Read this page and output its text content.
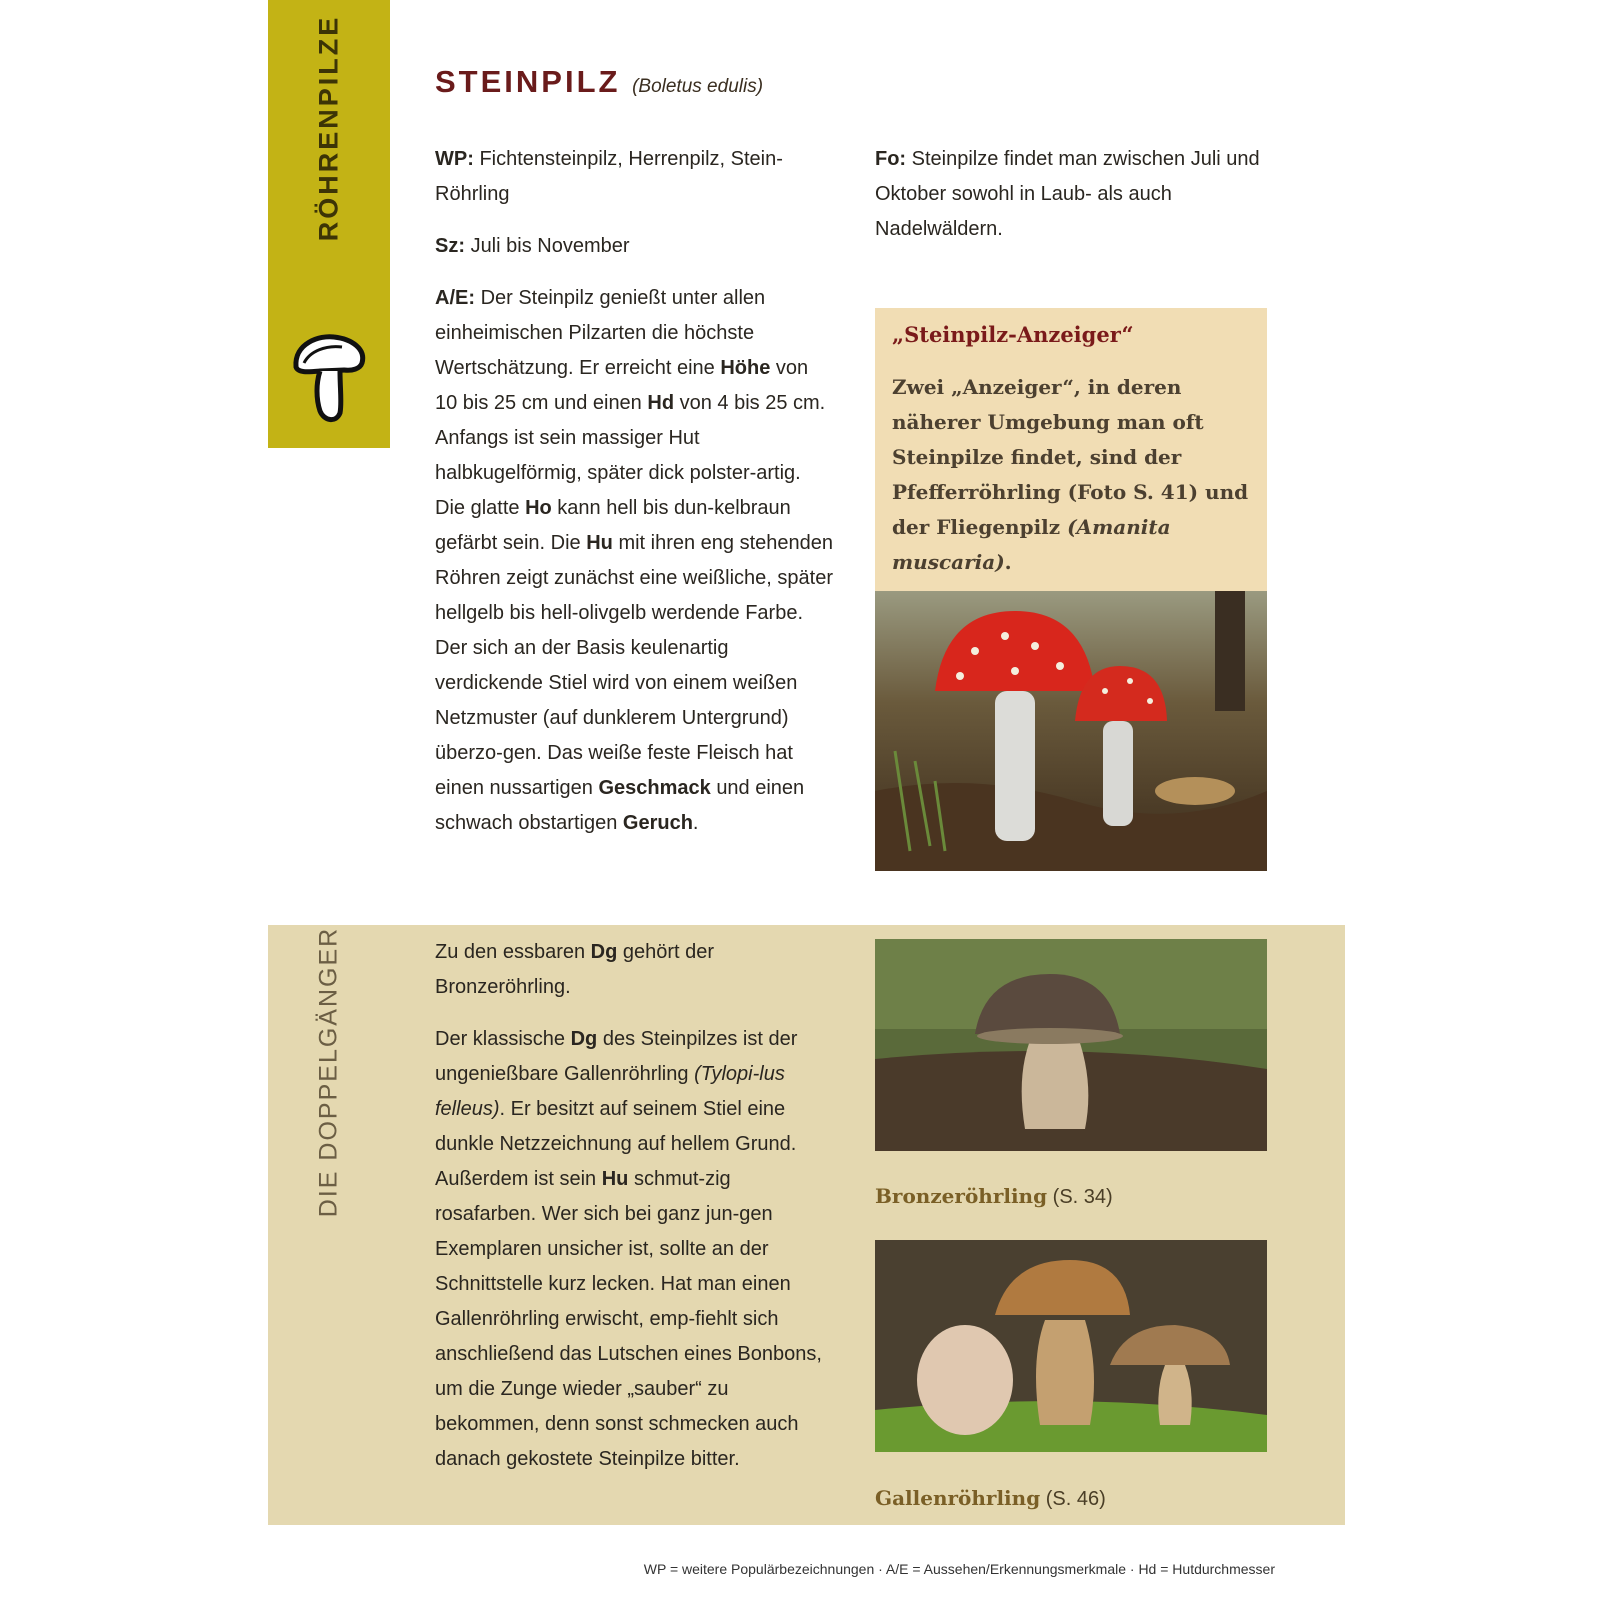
RÖHRENPILZE	STEINPILZ (Boletus edulis)

WP: Fichtensteinpilz, Herrenpilz, Stein-Röhrling

Sz: Juli bis November

A/E: Der Steinpilz genießt unter allen einheimischen Pilzarten die höchste Wertschätzung. Er erreicht eine Höhe von 10 bis 25 cm und einen Hd von 4 bis 25 cm. Anfangs ist sein massiger Hut halbkugelförmig, später dick polster-artig. Die glatte Ho kann hell bis dun-kelbraun gefärbt sein. Die Hu mit ihren eng stehenden Röhren zeigt zunächst eine weißliche, später hellgelb bis hell-olivgelb werdende Farbe. Der sich an der Basis keulenartig verdickende Stiel wird von einem weißen Netzmuster (auf dunklerem Untergrund) überzo-gen. Das weiße feste Fleisch hat einen nussartigen Geschmack und einen schwach obstartigen Geruch.

Fo: Steinpilze findet man zwischen Juli und Oktober sowohl in Laub- als auch Nadelwäldern.

„Steinpilz-Anzeiger“

Zwei „Anzeiger“, in deren näherer Umgebung man oft Steinpilze findet, sind der Pfefferröhrling (Foto S. 41) und der Fliegenpilz (Amanita muscaria).

DIE DOPPELGÄNGER	Zu den essbaren Dg gehört der Bronzeröhrling.

Der klassische Dg des Steinpilzes ist der ungenießbare Gallenröhrling (Tylopi-lus felleus). Er besitzt auf seinem Stiel eine dunkle Netzzeichnung auf hellem Grund. Außerdem ist sein Hu schmut-zig rosafarben. Wer sich bei ganz jun-gen Exemplaren unsicher ist, sollte an der Schnittstelle kurz lecken. Hat man einen Gallenröhrling erwischt, emp-fiehlt sich anschließend das Lutschen eines Bonbons, um die Zunge wieder „sauber“ zu bekommen, denn sonst schmecken auch danach gekostete Steinpilze bitter.

Bronzeröhrling (S. 34)
Gallenröhrling (S. 46)
WP = weitere Populärbezeichnungen · A/E = Aussehen/Erkennungsmerkmale · Hd = Hutdurchmesser
